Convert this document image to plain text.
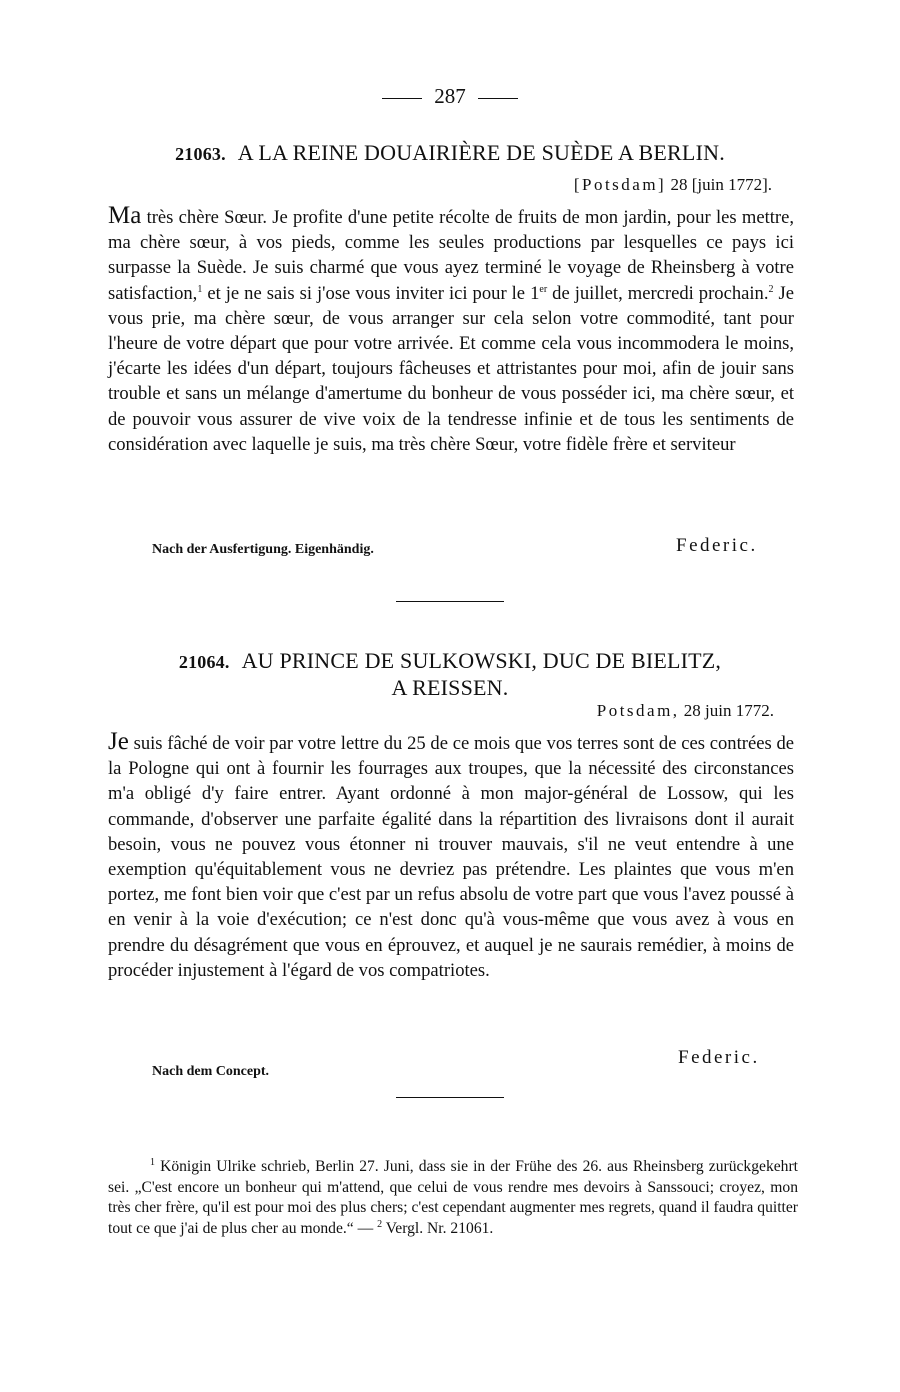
287
21063. A LA REINE DOUAIRIÈRE DE SUÈDE A BERLIN.
[Potsdam] 28 [juin 1772].
Ma très chère Sœur. Je profite d'une petite récolte de fruits de mon jardin, pour les mettre, ma chère sœur, à vos pieds, comme les seules productions par lesquelles ce pays ici surpasse la Suède. Je suis charmé que vous ayez terminé le voyage de Rheinsberg à votre satisfaction,$^1$ et je ne sais si j'ose vous inviter ici pour le 1er de juillet, mercredi prochain.$^2$ Je vous prie, ma chère sœur, de vous arranger sur cela selon votre commodité, tant pour l'heure de votre départ que pour votre arrivée. Et comme cela vous incommodera le moins, j'écarte les idées d'un départ, toujours fâcheuses et attristantes pour moi, afin de jouir sans trouble et sans un mélange d'amertume du bonheur de vous posséder ici, ma chère sœur, et de pouvoir vous assurer de vive voix de la tendresse infinie et de tous les sentiments de considération avec laquelle je suis, ma très chère Sœur, votre fidèle frère et serviteur
Nach der Ausfertigung. Eigenhändig.	Federic.
21064. AU PRINCE DE SULKOWSKI, DUC DE BIELITZ,
A REISSEN.
Potsdam, 28 juin 1772.
Je suis fâché de voir par votre lettre du 25 de ce mois que vos terres sont de ces contrées de la Pologne qui ont à fournir les fourrages aux troupes, que la nécessité des circonstances m'a obligé d'y faire entrer. Ayant ordonné à mon major-général de Lossow, qui les commande, d'observer une parfaite égalité dans la répartition des livraisons dont il aurait besoin, vous ne pouvez vous étonner ni trouver mauvais, s'il ne veut entendre à une exemption qu'équitablement vous ne devriez pas prétendre. Les plaintes que vous m'en portez, me font bien voir que c'est par un refus absolu de votre part que vous l'avez poussé à en venir à la voie d'exécution; ce n'est donc qu'à vous-même que vous avez à vous en prendre du désagrément que vous en éprouvez, et auquel je ne saurais remédier, à moins de procéder injustement à l'égard de vos compatriotes.
Federic.
Nach dem Concept.
$^1$ Königin Ulrike schrieb, Berlin 27. Juni, dass sie in der Frühe des 26. aus Rheinsberg zurückgekehrt sei. „C'est encore un bonheur qui m'attend, que celui de vous rendre mes devoirs à Sanssouci; croyez, mon très cher frère, qu'il est pour moi des plus chers; c'est cependant augmenter mes regrets, quand il faudra quitter tout ce que j'ai de plus cher au monde.“ — $^2$ Vergl. Nr. 21061.
